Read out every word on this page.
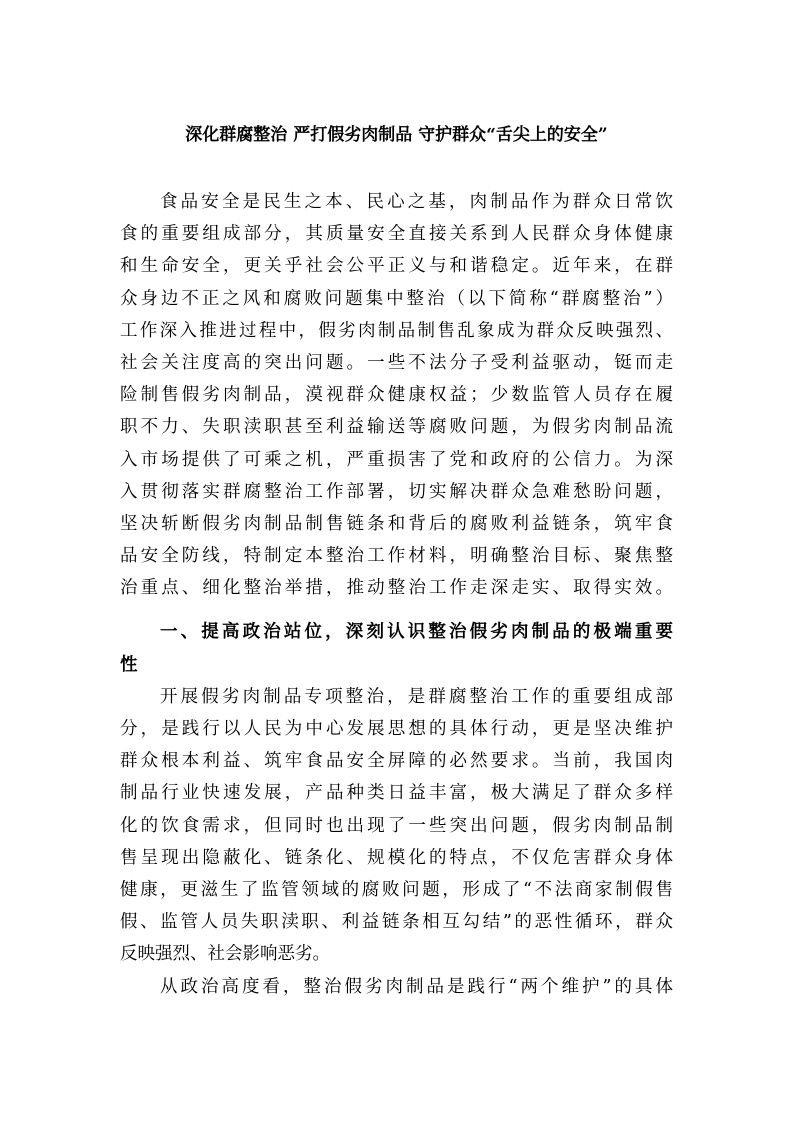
深化群腐整治 严打假劣肉制品 守护群众“舌尖上的安全”
食品安全是民生之本、民心之基，肉制品作为群众日常饮
食的重要组成部分，其质量安全直接关系到人民群众身体健康
和生命安全，更关乎社会公平正义与和谐稳定。近年来，在群
众身边不正之风和腐败问题集中整治（以下简称“群腐整治”）
工作深入推进过程中，假劣肉制品制售乱象成为群众反映强烈、
社会关注度高的突出问题。一些不法分子受利益驱动，铤而走
险制售假劣肉制品，漠视群众健康权益；少数监管人员存在履
职不力、失职渎职甚至利益输送等腐败问题，为假劣肉制品流
入市场提供了可乘之机，严重损害了党和政府的公信力。为深
入贯彻落实群腐整治工作部署，切实解决群众急难愁盼问题，
坚决斩断假劣肉制品制售链条和背后的腐败利益链条，筑牢食
品安全防线，特制定本整治工作材料，明确整治目标、聚焦整
治重点、细化整治举措，推动整治工作走深走实、取得实效。
一、提高政治站位，深刻认识整治假劣肉制品的极端重要
性
开展假劣肉制品专项整治，是群腐整治工作的重要组成部
分，是践行以人民为中心发展思想的具体行动，更是坚决维护
群众根本利益、筑牢食品安全屏障的必然要求。当前，我国肉
制品行业快速发展，产品种类日益丰富，极大满足了群众多样
化的饮食需求，但同时也出现了一些突出问题，假劣肉制品制
售呈现出隐蔽化、链条化、规模化的特点，不仅危害群众身体
健康，更滋生了监管领域的腐败问题，形成了“不法商家制假售
假、监管人员失职渎职、利益链条相互勾结”的恶性循环，群众
反映强烈、社会影响恶劣。
从政治高度看，整治假劣肉制品是践行“两个维护”的具体
